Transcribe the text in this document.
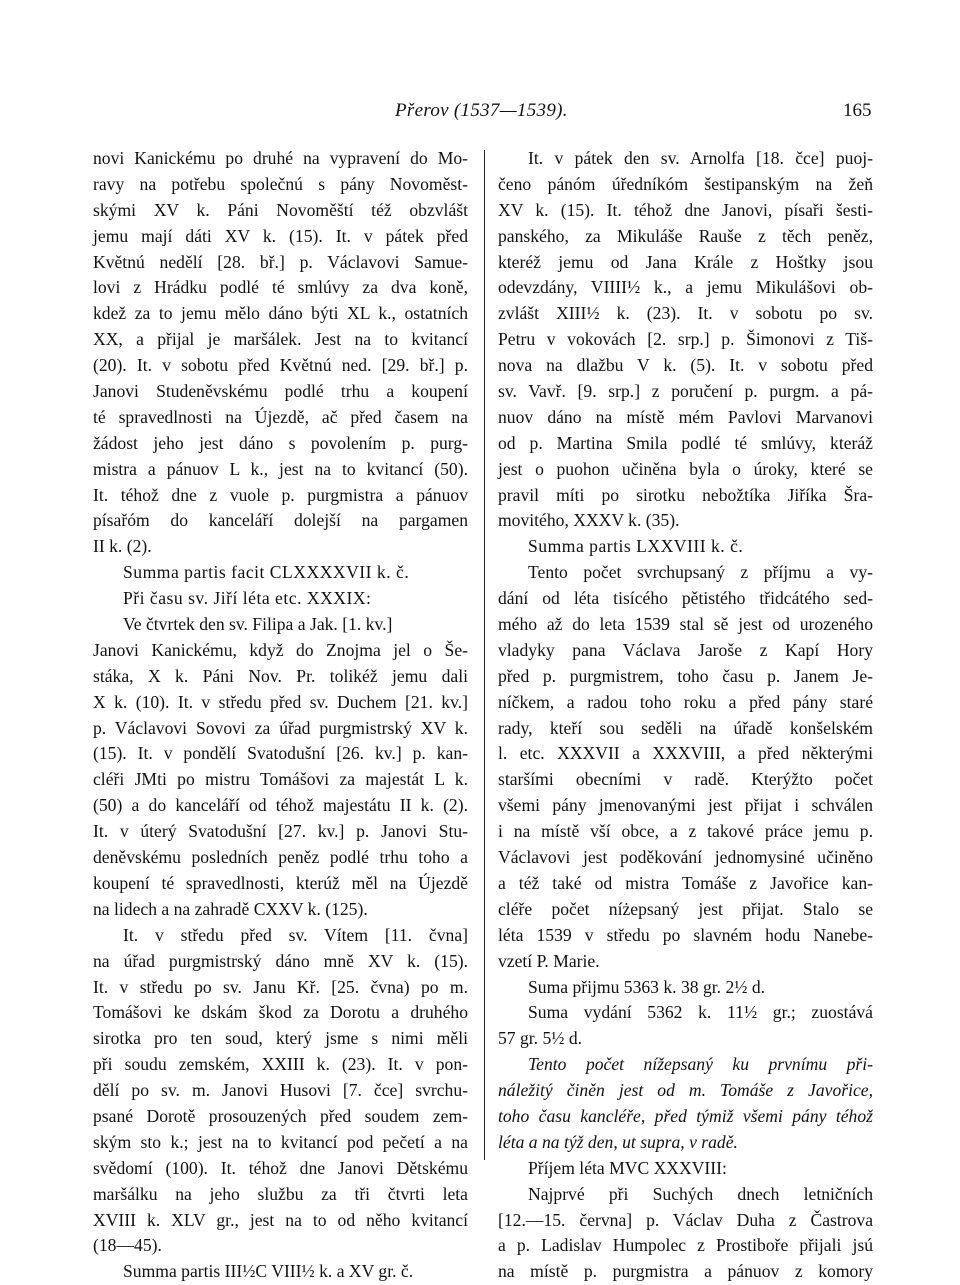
Přerov (1537—1539).	165
novi Kanickému po druhé na vypravení do Mo-
ravy na potřebu společnú s pány Novoměst-
skými XV k. Páni Novoměští též obzvlášt
jemu mají dáti XV k. (15). It. v pátek před
Květnú nedělí [28. bř.] p. Václavovi Samue-
lovi z Hrádku podlé té smlúvy za dva koně,
kdež za to jemu mělo dáno býti XL k., ostatních
XX, a přijal je maršálek. Jest na to kvitancí
(20). It. v sobotu před Květnú ned. [29. bř.] p.
Janovi Studeněvskému podlé trhu a koupení
té spravedlnosti na Újezdě, ač před časem na
žádost jeho jest dáno s povolením p. purg-
mistra a pánuov L k., jest na to kvitancí (50).
It. téhož dne z vuole p. purgmistra a pánuov
písařóm do kanceláří dolejší na pargamen
II k. (2).
Summa partis facit CLXXXXVII k. č.
Při času sv. Jiří léta etc. XXXIX:
Ve čtvrtek den sv. Filipa a Jak. [1. kv.]
Janovi Kanickému, když do Znojma jel o Še-
stáka, X k. Páni Nov. Pr. tolikéž jemu dali
X k. (10). It. v středu před sv. Duchem [21. kv.]
p. Václavovi Sovovi za úřad purgmistrský XV k.
(15). It. v pondělí Svatodušní [26. kv.] p. kan-
cléři JMti po mistru Tomášovi za majestát L k.
(50) a do kanceláří od téhož majestátu II k. (2).
It. v úterý Svatodušní [27. kv.] p. Janovi Stu-
deněvskému posledních peněz podlé trhu toho a
koupení té spravedlnosti, kterúž měl na Újezdě
na lidech a na zahradě CXXV k. (125).
It. v středu před sv. Vítem [11. čvna]
na úřad purgmistrský dáno mně XV k. (15).
It. v středu po sv. Janu Kř. [25. čvna) po m.
Tomášovi ke dskám škod za Dorotu a druhého
sirotka pro ten soud, který jsme s nimi měli
při soudu zemském, XXIII k. (23). It. v pon-
dělí po sv. m. Janovi Husovi [7. čce] svrchu-
psané Dorotě prosouzených před soudem zem-
ským sto k.; jest na to kvitancí pod pečetí a na
svědomí (100). It. téhož dne Janovi Dětskému
maršálku na jeho službu za tři čtvrti leta
XVIII k. XLV gr., jest na to od něho kvitancí
(18—45).
Summa partis III½C VIII½ k. a XV gr. č.
It. v pátek den sv. Arnolfa [18. čce] puoj-
čeno pánóm úředníkóm šestipanským na žeň
XV k. (15). It. téhož dne Janovi, písaři šesti-
panského, za Mikuláše Rauše z těch peněz,
kteréž jemu od Jana Krále z Hoštky jsou
odevzdány, VIIII½ k., a jemu Mikulášovi ob-
zvlášt XIII½ k. (23). It. v sobotu po sv.
Petru v vokovách [2. srp.] p. Šimonovi z Tiš-
nova na dlažbu V k. (5). It. v sobotu před
sv. Vavř. [9. srp.] z poručení p. purgm. a pá-
nuov dáno na místě mém Pavlovi Marvanovi
od p. Martina Smila podlé té smlúvy, kteráž
jest o puohon učiněna byla o úroky, které se
pravil míti po sirotku nebožtíka Jiříka Šra-
movitého, XXXV k. (35).
Summa partis LXXVIII k. č.
Tento počet svrchupsaný z příjmu a vy-
dání od léta tisícého pětistého třidcátého sed-
mého až do leta 1539 stal sě jest od urozeného
vladyky pana Václava Jaroše z Kapí Hory
před p. purgmistrem, toho času p. Janem Je-
níčkem, a radou toho roku a před pány staré
rady, kteří sou seděli na úřadě konšelském
l. etc. XXXVII a XXXVIII, a před některými
staršími obecními v radě. Kterýžto počet
všemi pány jmenovanými jest přijat i schválen
i na místě vší obce, a z takové práce jemu p.
Václavovi jest poděkování jednomysiné učiněno
a též také od mistra Tomáše z Javořice kan-
cléře počet níżepsaný jest přijat. Stalo se
léta 1539 v středu po slavném hodu Nanebe-
vzetí P. Marie.
Suma přijmu 5363 k. 38 gr. 2½ d.
Suma vydání 5362 k. 11½ gr.; zuostává
57 gr. 5½ d.
Tento počet nížepsaný ku prvnímu při-
náležitý činěn jest od m. Tomáše z Javořice,
toho času kancléře, před týmiž všemi pány téhož
léta a na týž den, ut supra, v radě.
Příjem léta MVC XXXVIII:
Najprvé při Suchých dnech letničních
[12.—15. června] p. Václav Duha z Častrova
a p. Ladislav Humpolec z Prostiboře přijali jsú
na místě p. purgmistra a pánuov z komory
